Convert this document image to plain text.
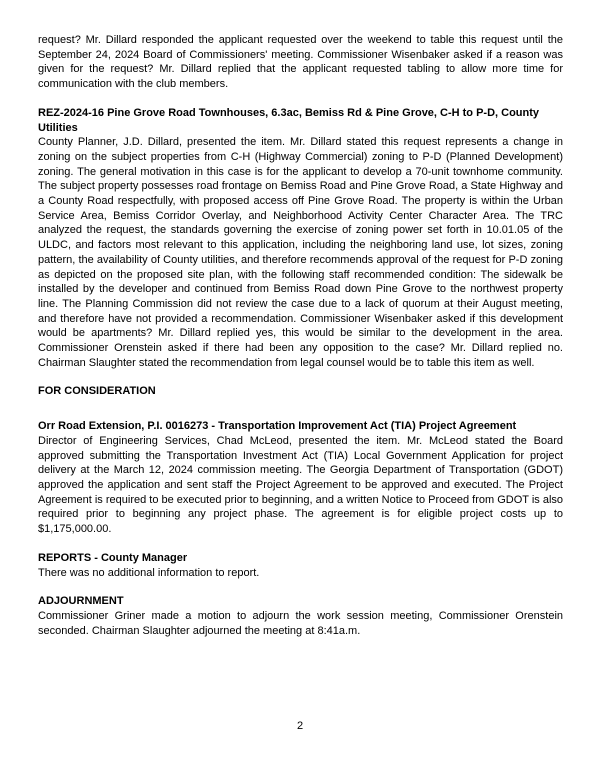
request? Mr. Dillard responded the applicant requested over the weekend to table this request until the September 24, 2024 Board of Commissioners' meeting. Commissioner Wisenbaker asked if a reason was given for the request? Mr. Dillard replied that the applicant requested tabling to allow more time for communication with the club members.

REZ-2024-16 Pine Grove Road Townhouses, 6.3ac, Bemiss Rd & Pine Grove, C-H to P-D, County Utilities

County Planner, J.D. Dillard, presented the item. Mr. Dillard stated this request represents a change in zoning on the subject properties from C-H (Highway Commercial) zoning to P-D (Planned Development) zoning. The general motivation in this case is for the applicant to develop a 70-unit townhome community. The subject property possesses road frontage on Bemiss Road and Pine Grove Road, a State Highway and a County Road respectfully, with proposed access off Pine Grove Road. The property is within the Urban Service Area, Bemiss Corridor Overlay, and Neighborhood Activity Center Character Area. The TRC analyzed the request, the standards governing the exercise of zoning power set forth in 10.01.05 of the ULDC, and factors most relevant to this application, including the neighboring land use, lot sizes, zoning pattern, the availability of County utilities, and therefore recommends approval of the request for P-D zoning as depicted on the proposed site plan, with the following staff recommended condition: The sidewalk be installed by the developer and continued from Bemiss Road down Pine Grove to the northwest property line. The Planning Commission did not review the case due to a lack of quorum at their August meeting, and therefore have not provided a recommendation. Commissioner Wisenbaker asked if this development would be apartments? Mr. Dillard replied yes, this would be similar to the development in the area. Commissioner Orenstein asked if there had been any opposition to the case? Mr. Dillard replied no. Chairman Slaughter stated the recommendation from legal counsel would be to table this item as well.

FOR CONSIDERATION

Orr Road Extension, P.I. 0016273 - Transportation Improvement Act (TIA) Project Agreement

Director of Engineering Services, Chad McLeod, presented the item. Mr. McLeod stated the Board approved submitting the Transportation Investment Act (TIA) Local Government Application for project delivery at the March 12, 2024 commission meeting. The Georgia Department of Transportation (GDOT) approved the application and sent staff the Project Agreement to be approved and executed. The Project Agreement is required to be executed prior to beginning, and a written Notice to Proceed from GDOT is also required prior to beginning any project phase. The agreement is for eligible project costs up to $1,175,000.00.

REPORTS - County Manager

There was no additional information to report.

ADJOURNMENT

Commissioner Griner made a motion to adjourn the work session meeting, Commissioner Orenstein seconded. Chairman Slaughter adjourned the meeting at 8:41a.m.

2
